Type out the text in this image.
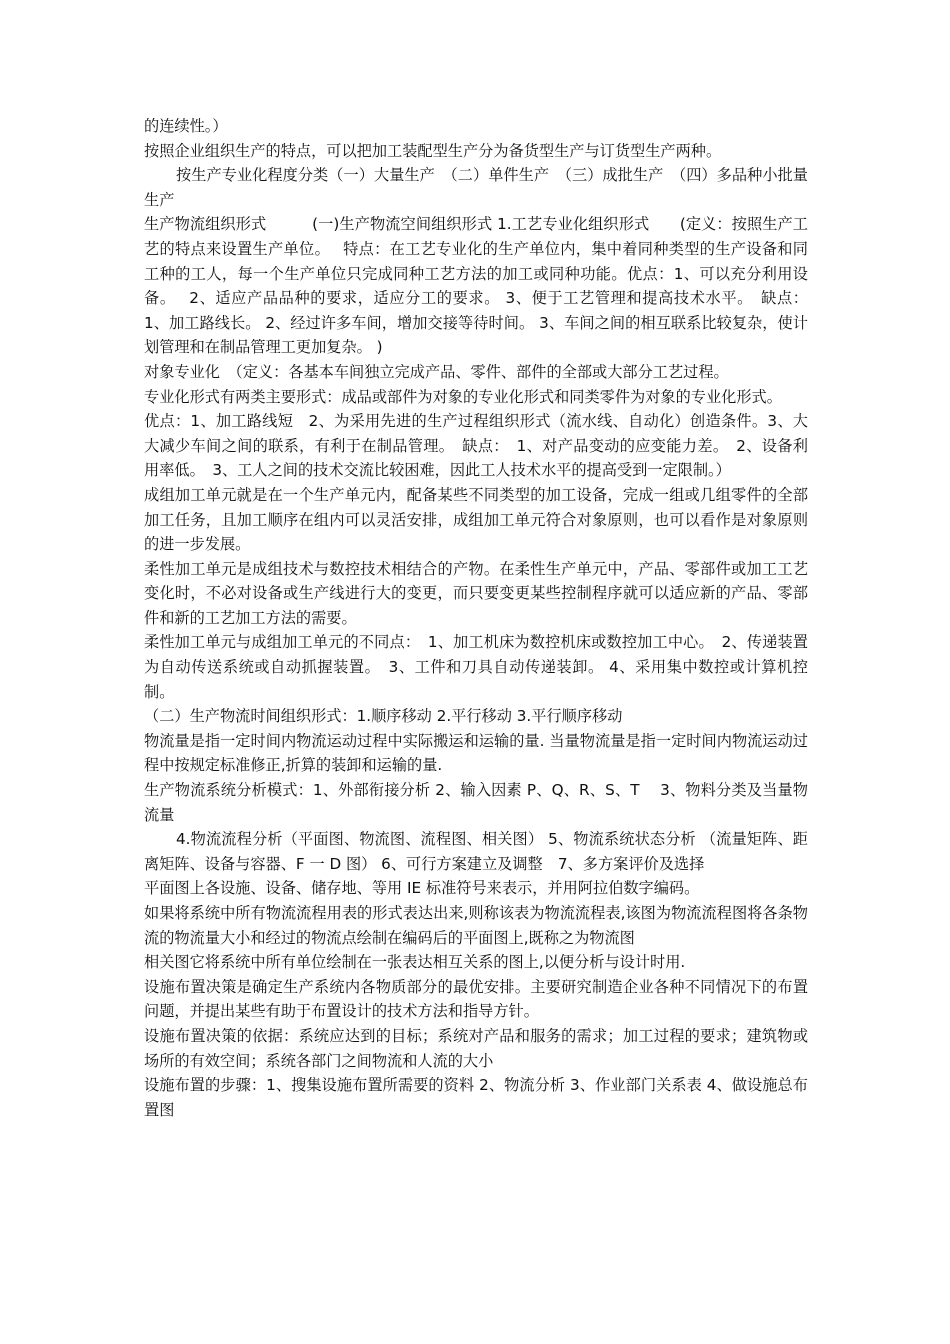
的连续性。）

按照企业组织生产的特点，可以把加工装配型生产分为备货型生产与订货型生产两种。

按生产专业化程度分类（一）大量生产　（二）单件生产　（三）成批生产　（四）多品种小批量生产

生产物流组织形式　　　(一)生产物流空间组织形式 1.工艺专业化组织形式　　(定义：按照生产工艺的特点来设置生产单位。　 特点：在工艺专业化的生产单位内，集中着同种类型的生产设备和同工种的工人，每一个生产单位只完成同种工艺方法的加工或同种功能。优点：1、可以充分利用设备。　 2、适应产品品种的要求，适应分工的要求。 3、便于工艺管理和提高技术水平。　缺点： 1、加工路线长。 2、经过许多车间，增加交接等待时间。 3、车间之间的相互联系比较复杂，使计划管理和在制品管理工更加复杂。 )

对象专业化　（定义：各基本车间独立完成产品、零件、部件的全部或大部分工艺过程。

专业化形式有两类主要形式：成品或部件为对象的专业化形式和同类零件为对象的专业化形式。

优点：1、加工路线短　2、为采用先进的生产过程组织形式（流水线、自动化）创造条件。3、大大减少车间之间的联系，有利于在制品管理。　缺点：　1、对产品变动的应变能力差。　2、设备利用率低。　3、工人之间的技术交流比较困难，因此工人技术水平的提高受到一定限制。）

成组加工单元就是在一个生产单元内，配备某些不同类型的加工设备，完成一组或几组零件的全部加工任务，且加工顺序在组内可以灵活安排，成组加工单元符合对象原则，也可以看作是对象原则的进一步发展。

柔性加工单元是成组技术与数控技术相结合的产物。在柔性生产单元中，产品、零部件或加工工艺变化时，不必对设备或生产线进行大的变更，而只要变更某些控制程序就可以适应新的产品、零部件和新的工艺加工方法的需要。

柔性加工单元与成组加工单元的不同点：　1、加工机床为数控机床或数控加工中心。　2、传递装置为自动传送系统或自动抓握装置。　3、工件和刀具自动传递装卸。 4、采用集中数控或计算机控制。

（二）生产物流时间组织形式：1.顺序移动 2.平行移动 3.平行顺序移动

物流量是指一定时间内物流运动过程中实际搬运和运输的量. 当量物流量是指一定时间内物流运动过程中按规定标准修正,折算的装卸和运输的量.

生产物流系统分析模式：1、外部衔接分析 2、输入因素 P、Q、R、S、T　 3、物料分类及当量物流量

4.物流流程分析（平面图、物流图、流程图、相关图） 5、物流系统状态分析 （流量矩阵、距离矩阵、设备与容器、F 一 D 图） 6、可行方案建立及调整　7、多方案评价及选择

平面图上各设施、设备、储存地、等用 IE 标准符号来表示，并用阿拉伯数字编码。

如果将系统中所有物流流程用表的形式表达出来,则称该表为物流流程表,该图为物流流程图将各条物流的物流量大小和经过的物流点绘制在编码后的平面图上,既称之为物流图

相关图它将系统中所有单位绘制在一张表达相互关系的图上,以便分析与设计时用.

设施布置决策是确定生产系统内各物质部分的最优安排。主要研究制造企业各种不同情况下的布置问题，并提出某些有助于布置设计的技术方法和指导方针。

设施布置决策的依据：系统应达到的目标；系统对产品和服务的需求；加工过程的要求；建筑物或场所的有效空间；系统各部门之间物流和人流的大小

设施布置的步骤：1、搜集设施布置所需要的资料 2、物流分析 3、作业部门关系表 4、做设施总布置图
